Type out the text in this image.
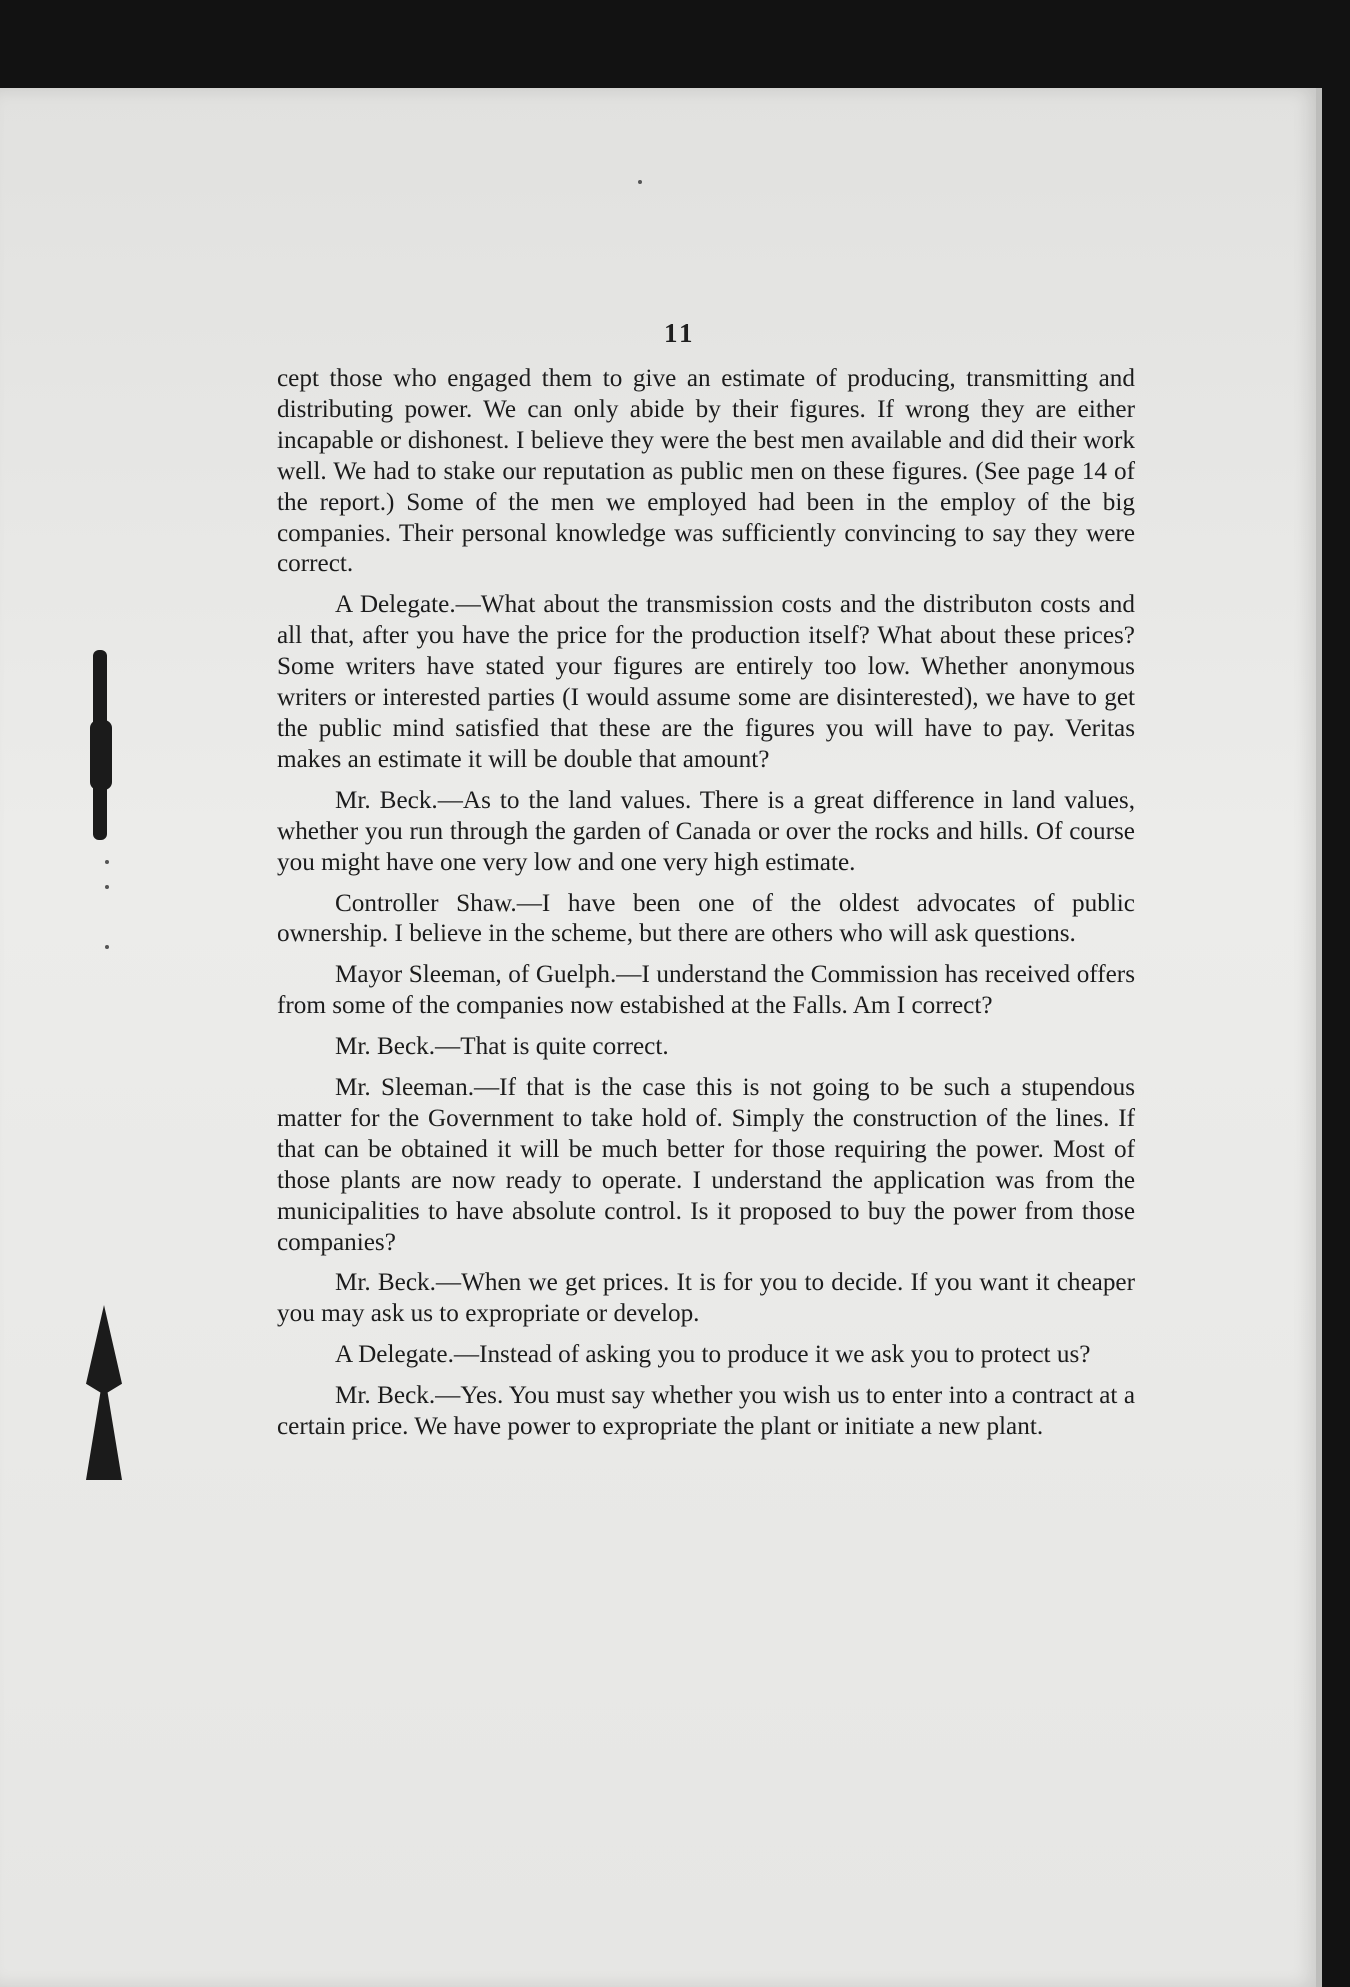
11

cept those who engaged them to give an estimate of producing, transmitting and distributing power. We can only abide by their figures. If wrong they are either incapable or dishonest. I believe they were the best men available and did their work well. We had to stake our reputation as public men on these figures. (See page 14 of the report.) Some of the men we employed had been in the employ of the big companies. Their personal knowledge was sufficiently convincing to say they were correct.

A Delegate.—What about the transmission costs and the distributon costs and all that, after you have the price for the production itself? What about these prices? Some writers have stated your figures are entirely too low. Whether anonymous writers or interested parties (I would assume some are disinterested), we have to get the public mind satisfied that these are the figures you will have to pay. Veritas makes an estimate it will be double that amount?

Mr. Beck.—As to the land values. There is a great difference in land values, whether you run through the garden of Canada or over the rocks and hills. Of course you might have one very low and one very high estimate.

Controller Shaw.—I have been one of the oldest advocates of public ownership. I believe in the scheme, but there are others who will ask questions.

Mayor Sleeman, of Guelph.—I understand the Commission has received offers from some of the companies now estabished at the Falls. Am I correct?

Mr. Beck.—That is quite correct.

Mr. Sleeman.—If that is the case this is not going to be such a stupendous matter for the Government to take hold of. Simply the construction of the lines. If that can be obtained it will be much better for those requiring the power. Most of those plants are now ready to operate. I understand the application was from the municipalities to have absolute control. Is it proposed to buy the power from those companies?

Mr. Beck.—When we get prices. It is for you to decide. If you want it cheaper you may ask us to expropriate or develop.

A Delegate.—Instead of asking you to produce it we ask you to protect us?

Mr. Beck.—Yes. You must say whether you wish us to enter into a contract at a certain price. We have power to expropriate the plant or initiate a new plant.
